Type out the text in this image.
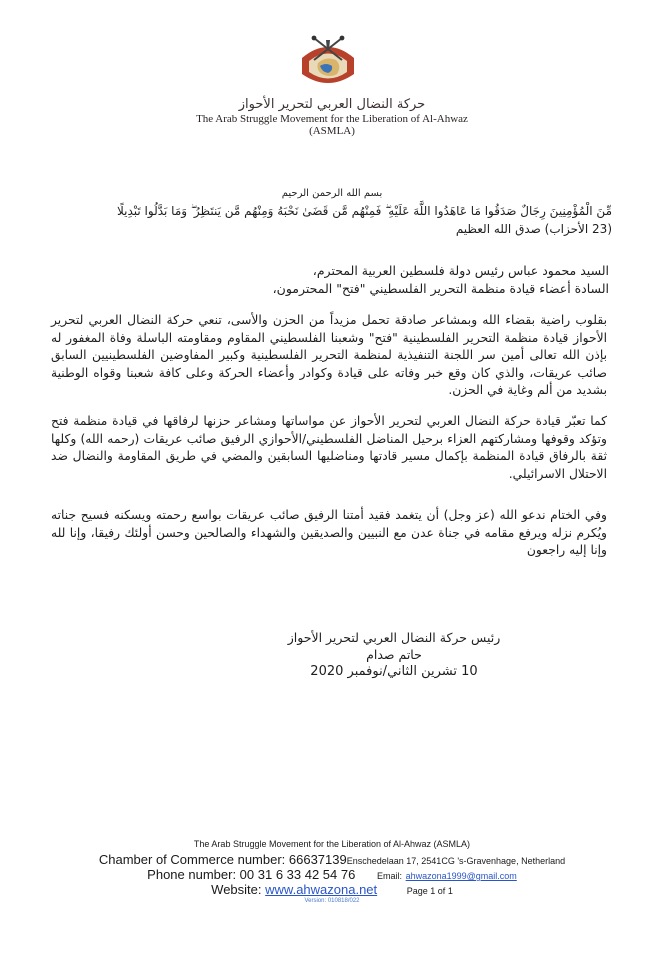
حركة النضال العربي لتحرير الأحواز
The Arab Struggle Movement for the Liberation of Al-Ahwaz
(ASMLA)
بسم الله الرحمن الرحيم
مِّنَ الْمُؤْمِنِينَ رِجَالٌ صَدَقُوا مَا عَاهَدُوا اللَّهَ عَلَيْهِ ۖ فَمِنْهُم مَّن قَضَىٰ نَحْبَهُ وَمِنْهُم مَّن يَنتَظِرُ ۖ وَمَا بَدَّلُوا تَبْدِيلًا
(23 الأحزاب) صدق الله العظيم
السيد محمود عباس رئيس دولة فلسطين العربية المحترم،
السادة أعضاء قيادة منظمة التحرير الفلسطيني "فتح" المحترمون،
بقلوب راضية بقضاء الله وبمشاعر صادقة تحمل مزيداً من الحزن والأسى، تنعي حركة النضال العربي لتحرير الأحواز قيادة منظمة التحرير الفلسطينية "فتح" وشعبنا الفلسطيني المقاوم ومقاومته الباسلة وفاة المغفور له بإذن الله تعالى أمين سر اللجنة التنفيذية لمنظمة التحرير الفلسطينية وكبير المفاوضين الفلسطينيين السابق صائب عريقات، والذي كان وقع خبر وفاته على قيادة وكوادر وأعضاء الحركة وعلى كافة شعبنا وقواه الوطنية بشديد من ألم وغاية في الحزن.
كما تعبّر قيادة حركة النضال العربي لتحرير الأحواز عن مواساتها ومشاعر حزنها لرفاقها في قيادة منظمة فتح وتؤكد وقوفها ومشاركتهم العزاء برحيل المناضل الفلسطيني/الأحوازي الرفيق صائب عريقات (رحمه الله) وكلها ثقة بالرفاق قيادة المنظمة بإكمال مسير قادتها ومناضليها السابقين والمضي في طريق المقاومة والنضال ضد الاحتلال الاسرائيلي.
وفي الختام ندعو الله (عز وجل) أن يتغمد فقيد أمتنا الرفيق صائب عريقات بواسع رحمته ويسكنه فسيح جناته ويُكرم نزله ويرفع مقامه في جناة عدن مع النبيين والصديقين والشهداء والصالحين وحسن أولئك رفيقا، وإنا لله وإنا إليه راجعون
رئيس حركة النضال العربي لتحرير الأحواز
حاتم صدام
10 تشرين الثاني/نوفمبر 2020
The Arab Struggle Movement for the Liberation of Al-Ahwaz (ASMLA)
Chamber of Commerce number: 66637139Enschedelaan 17, 2541CG 's-Gravenhage, Netherland
Phone number: 00 31 6 33 42 54 76 Email: ahwazona1999@gmail.com
Website: www.ahwazona.net	Page 1 of 1
Version: 010818/022
